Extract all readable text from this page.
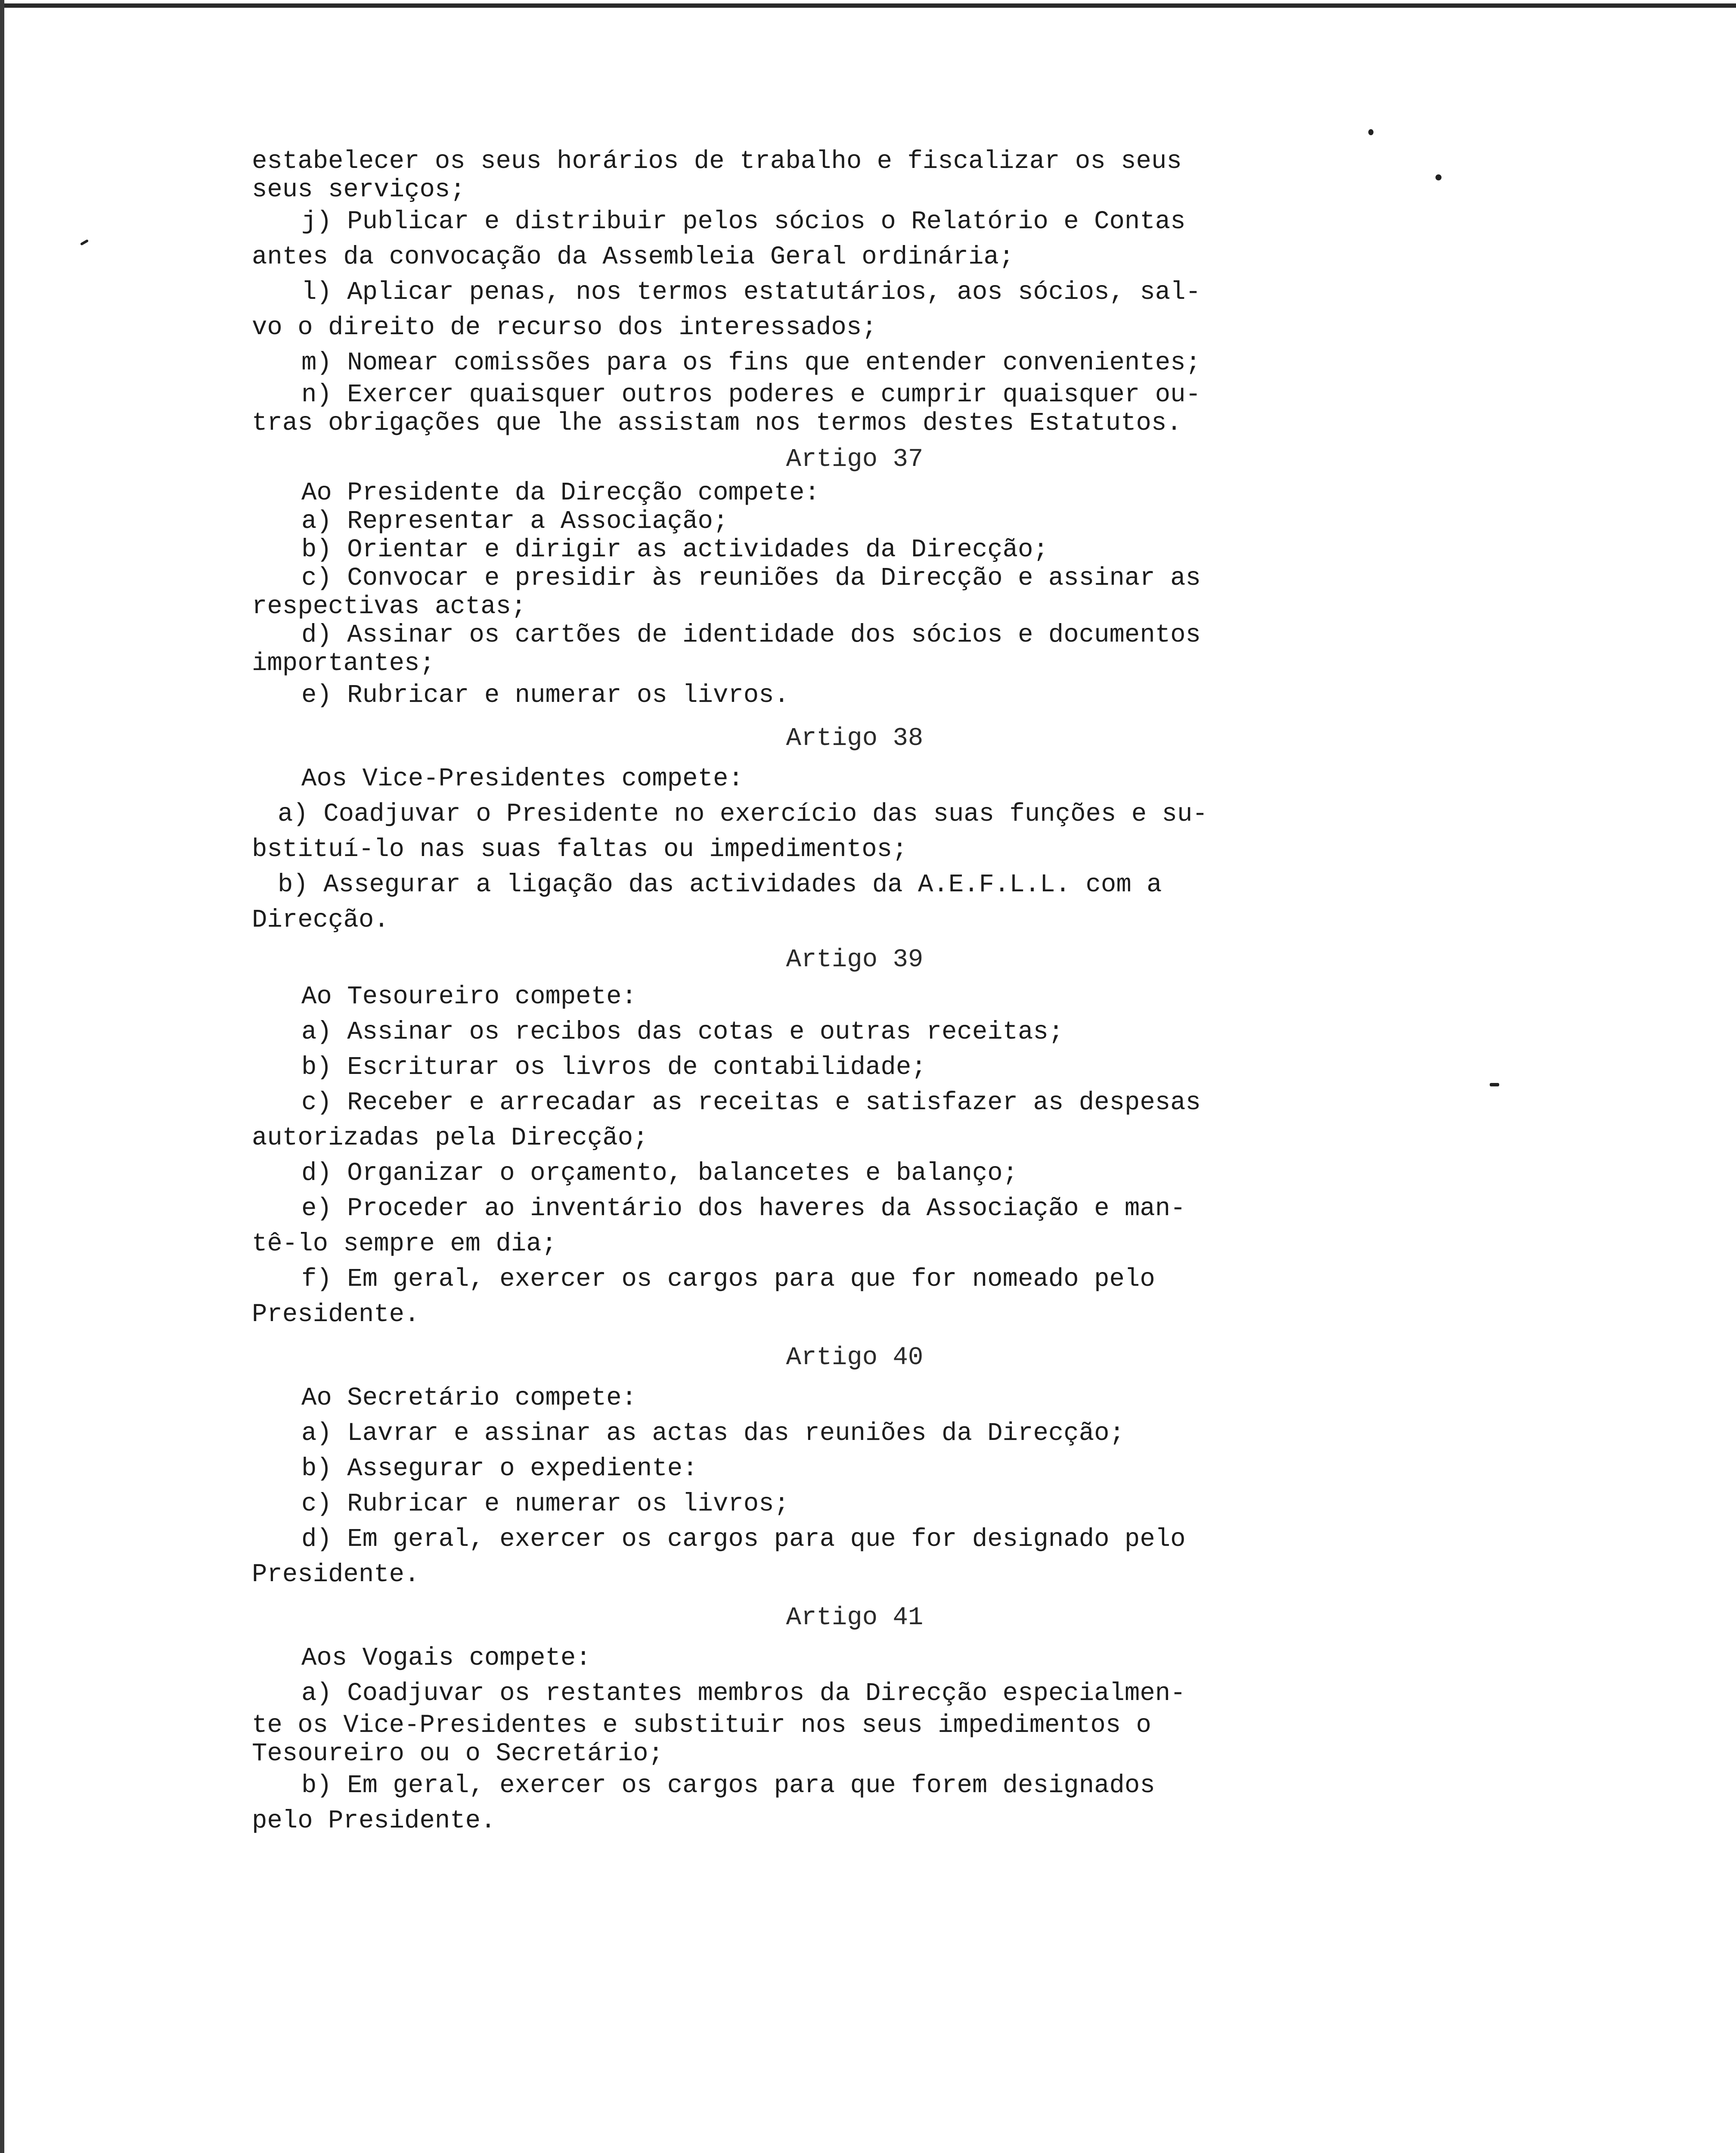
estabelecer os seus horários de trabalho e fiscalizar os seus

seus serviços;

j) Publicar e distribuir pelos sócios o Relatório e Contas

antes da convocação da Assembleia Geral ordinária;

l) Aplicar penas, nos termos estatutários, aos sócios, sal-

vo o direito de recurso dos interessados;

m) Nomear comissões para os fins que entender convenientes;

n) Exercer quaisquer outros poderes e cumprir quaisquer ou-

tras obrigações que lhe assistam nos termos destes Estatutos.

Artigo 37

Ao Presidente da Direcção compete:

a) Representar a Associação;

b) Orientar e dirigir as actividades da Direcção;

c) Convocar e presidir às reuniões da Direcção e assinar as

respectivas actas;

d) Assinar os cartões de identidade dos sócios e documentos

importantes;

e) Rubricar e numerar os livros.

Artigo 38

Aos Vice-Presidentes compete:

a) Coadjuvar o Presidente no exercício das suas funções e su-

bstituí-lo nas suas faltas ou impedimentos;

b) Assegurar a ligação das actividades da A.E.F.L.L. com a

Direcção.

Artigo 39

Ao Tesoureiro compete:

a) Assinar os recibos das cotas e outras receitas;

b) Escriturar os livros de contabilidade;

c) Receber e arrecadar as receitas e satisfazer as despesas

autorizadas pela Direcção;

d) Organizar o orçamento, balancetes e balanço;

e) Proceder ao inventário dos haveres da Associação e man-

tê-lo sempre em dia;

f) Em geral, exercer os cargos para que for nomeado pelo

Presidente.

Artigo 40

Ao Secretário compete:

a) Lavrar e assinar as actas das reuniões da Direcção;

b) Assegurar o expediente:

c) Rubricar e numerar os livros;

d) Em geral, exercer os cargos para que for designado pelo

Presidente.

Artigo 41

Aos Vogais compete:

a) Coadjuvar os restantes membros da Direcção especialmen-

te os Vice-Presidentes e substituir nos seus impedimentos o

Tesoureiro ou o Secretário;

b) Em geral, exercer os cargos para que forem designados

pelo Presidente.
